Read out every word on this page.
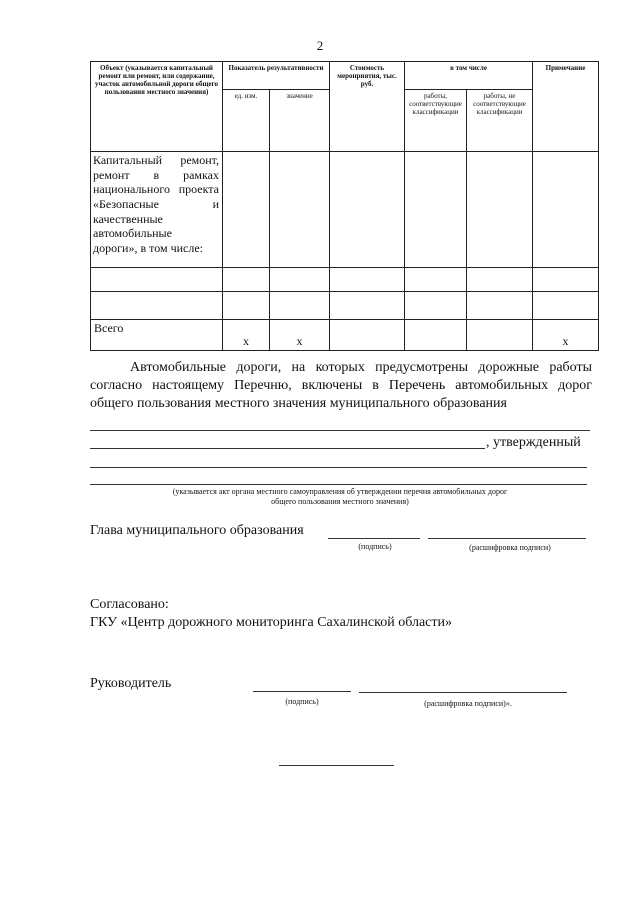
2
Объект (указывается капитальный ремонт или ремонт, или содержание, участок автомобильной дороги общего пользования местного значения)	Показатель результативности		Стоимость мероприятия, тыс. руб.	в том числе		Примечание
	ед. изм.	значение		работы, соответствующие классификации	работы, не соответствующие классификации	
Капитальный ремонт, ремонт в рамках национального проекта «Безопасные и качественные автомобильные дороги», в том числе:						

Всего	x	x				x
Автомобильные дороги, на которых предусмотрены дорожные работы согласно настоящему Перечню, включены в Перечень автомобильных дорог общего пользования местного значения муниципального образования
, утвержденный
(указывается акт органа местного самоуправления об утверждении перечня автомобильных дорог общего пользования местного значения)
Глава муниципального образования
(подпись)	(расшифровка подписи)
Согласовано:
ГКУ «Центр дорожного мониторинга Сахалинской области»
Руководитель
(подпись)	(расшифровка подписи)».
